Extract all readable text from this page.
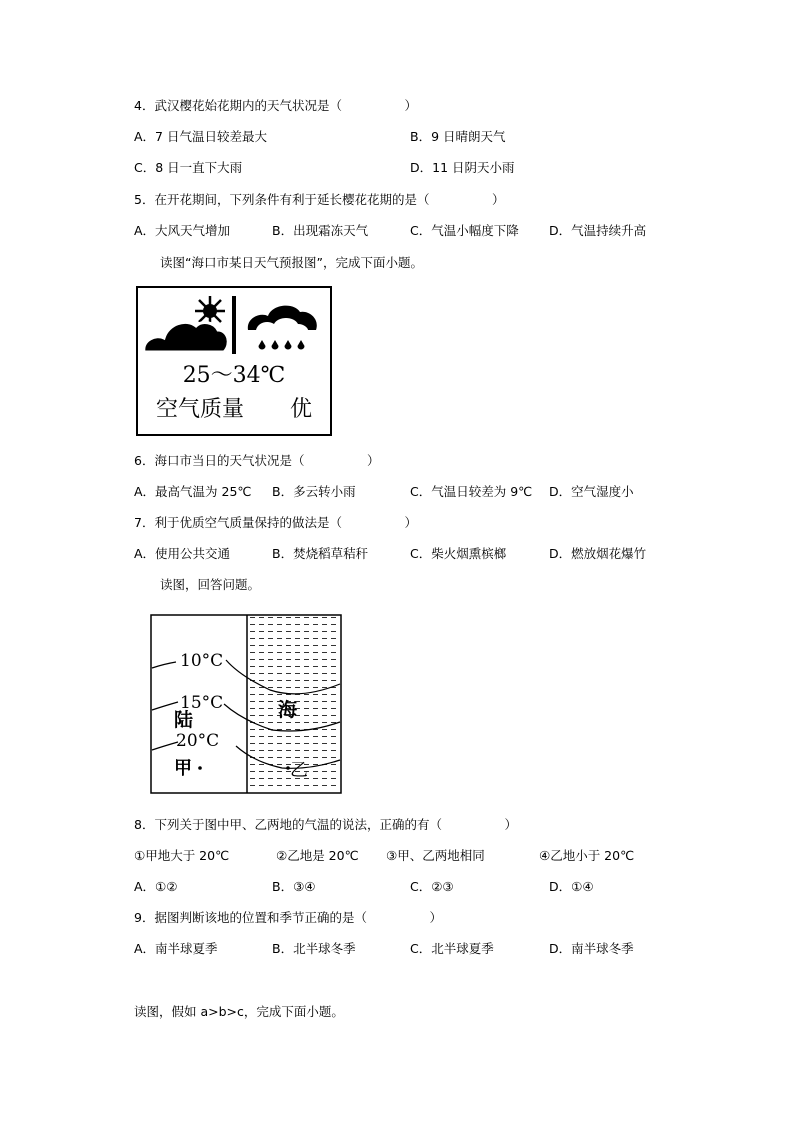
4．武汉樱花始花期内的天气状况是（　　　　　）
A．7 日气温日较差最大	B．9 日晴朗天气
C．8 日一直下大雨	D．11 日阴天小雨
5．在开花期间，下列条件有利于延长樱花花期的是（　　　　　）
A．大风天气增加	B．出现霜冻天气	C．气温小幅度下降 D．气温持续升高
读图“海口市某日天气预报图”，完成下面小题。
25～34℃
空气质量 优
6．海口市当日的天气状况是（　　　　　）
A．最高气温为 25℃ B．多云转小雨	C．气温日较差为 9℃ D．空气湿度小
7．利于优质空气质量保持的做法是（　　　　　）
A．使用公共交通	B．焚烧稻草秸秆	C．柴火烟熏槟榔	D．燃放烟花爆竹
读图，回答问题。
10°C
15°C
20°C
陆	海
甲	乙
8．下列关于图中甲、乙两地的气温的说法，正确的有（　　　　　）
①甲地大于 20℃	②乙地是 20℃ ③甲、乙两地相同	④乙地小于 20℃
A．①②	B．③④	C．②③	D．①④
9．据图判断该地的位置和季节正确的是（　　　　　）
A．南半球夏季	B．北半球冬季	C．北半球夏季	D．南半球冬季
读图，假如 a>b>c，完成下面小题。
